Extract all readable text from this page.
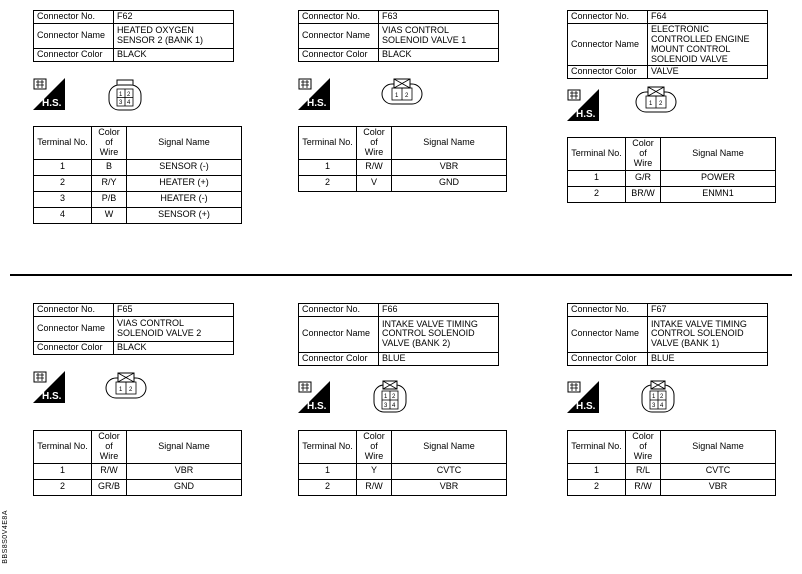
Connector No.	F62
Connector Name	HEATED OXYGEN SENSOR 2 (BANK 1)
Connector Color	BLACK
H.S.
1 2
3 4
Terminal No.	Color of Wire	Signal Name
1	B	SENSOR (-)
2	R/Y	HEATER (+)
3	P/B	HEATER (-)
4	W	SENSOR (+)
Connector No.	F63
Connector Name	VIAS CONTROL SOLENOID VALVE 1
Connector Color	BLACK
H.S.
1 2
Terminal No.	Color of Wire	Signal Name
1	R/W	VBR
2	V	GND
Connector No.	F64
Connector Name	ELECTRONIC CONTROLLED ENGINE MOUNT CONTROL SOLENOID VALVE
Connector Color	VALVE
H.S.
1 2
Terminal No.	Color of Wire	Signal Name
1	G/R	POWER
2	BR/W	ENMN1
Connector No.	F65
Connector Name	VIAS CONTROL SOLENOID VALVE 2
Connector Color	BLACK
H.S.
1 2
Terminal No.	Color of Wire	Signal Name
1	R/W	VBR
2	GR/B	GND
Connector No.	F66
Connector Name	INTAKE VALVE TIMING CONTROL SOLENOID VALVE (BANK 2)
Connector Color	BLUE
H.S.
1 2
3 4
Terminal No.	Color of Wire	Signal Name
1	Y	CVTC
2	R/W	VBR
Connector No.	F67
Connector Name	INTAKE VALVE TIMING CONTROL SOLENOID VALVE (BANK 1)
Connector Color	BLUE
H.S.
1 2
3 4
Terminal No.	Color of Wire	Signal Name
1	R/L	CVTC
2	R/W	VBR
BBS8S0V4E8A
